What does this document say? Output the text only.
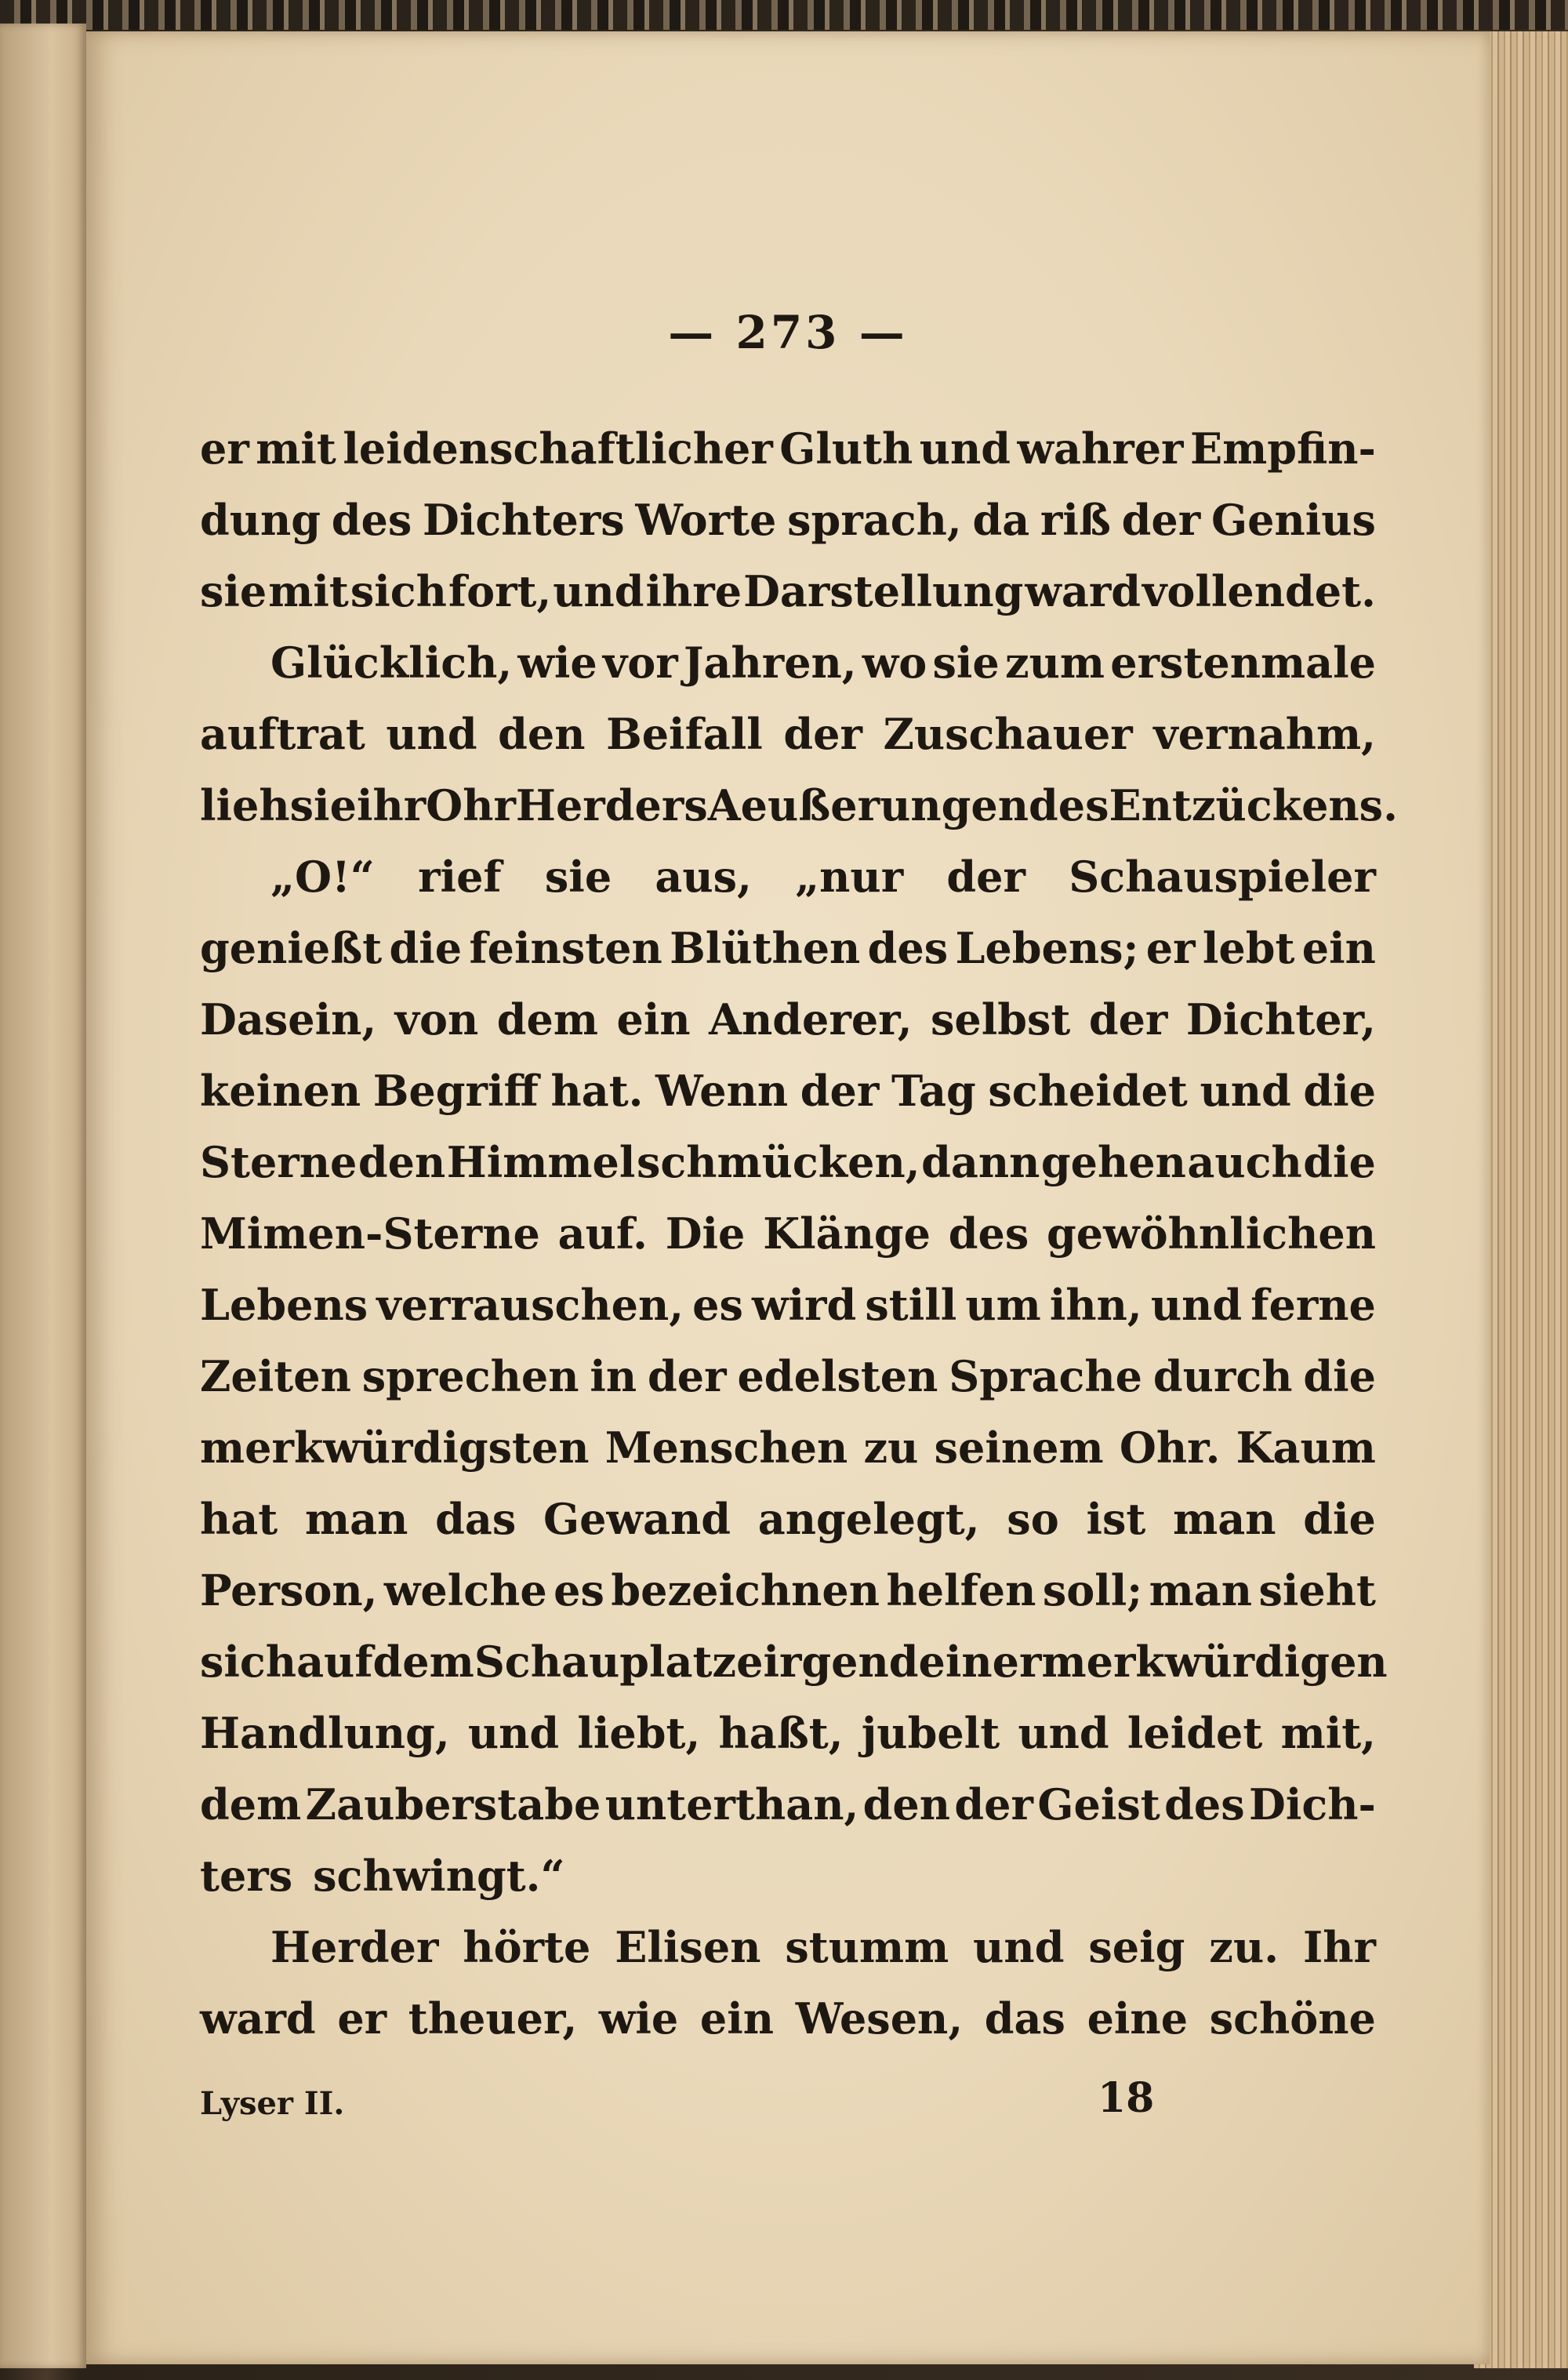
— 273 —
er mit leidenschaftlicher Gluth und wahrer Empfin-
dung des Dichters Worte sprach, da riß der Genius
sie mit sich fort, und ihre Darstellung ward vollendet.
Glücklich, wie vor Jahren, wo sie zum erstenmale
auftrat und den Beifall der Zuschauer vernahm,
lieh sie ihr Ohr Herders Aeußerungen des Entzückens.
„O!“ rief sie aus, „nur der Schauspieler
genießt die feinsten Blüthen des Lebens; er lebt ein
Dasein, von dem ein Anderer, selbst der Dichter,
keinen Begriff hat. Wenn der Tag scheidet und die
Sterne den Himmel schmücken, dann gehen auch die
Mimen-Sterne auf. Die Klänge des gewöhnlichen
Lebens verrauschen, es wird still um ihn, und ferne
Zeiten sprechen in der edelsten Sprache durch die
merkwürdigsten Menschen zu seinem Ohr. Kaum
hat man das Gewand angelegt, so ist man die
Person, welche es bezeichnen helfen soll; man sieht
sich auf dem Schauplatze irgend einer merkwürdigen
Handlung, und liebt, haßt, jubelt und leidet mit,
dem Zauberstabe unterthan, den der Geist des Dich-
ters schwingt.“
Herder hörte Elisen stumm und seig zu. Ihr
ward er theuer, wie ein Wesen, das eine schöne
Lyser II.	18
